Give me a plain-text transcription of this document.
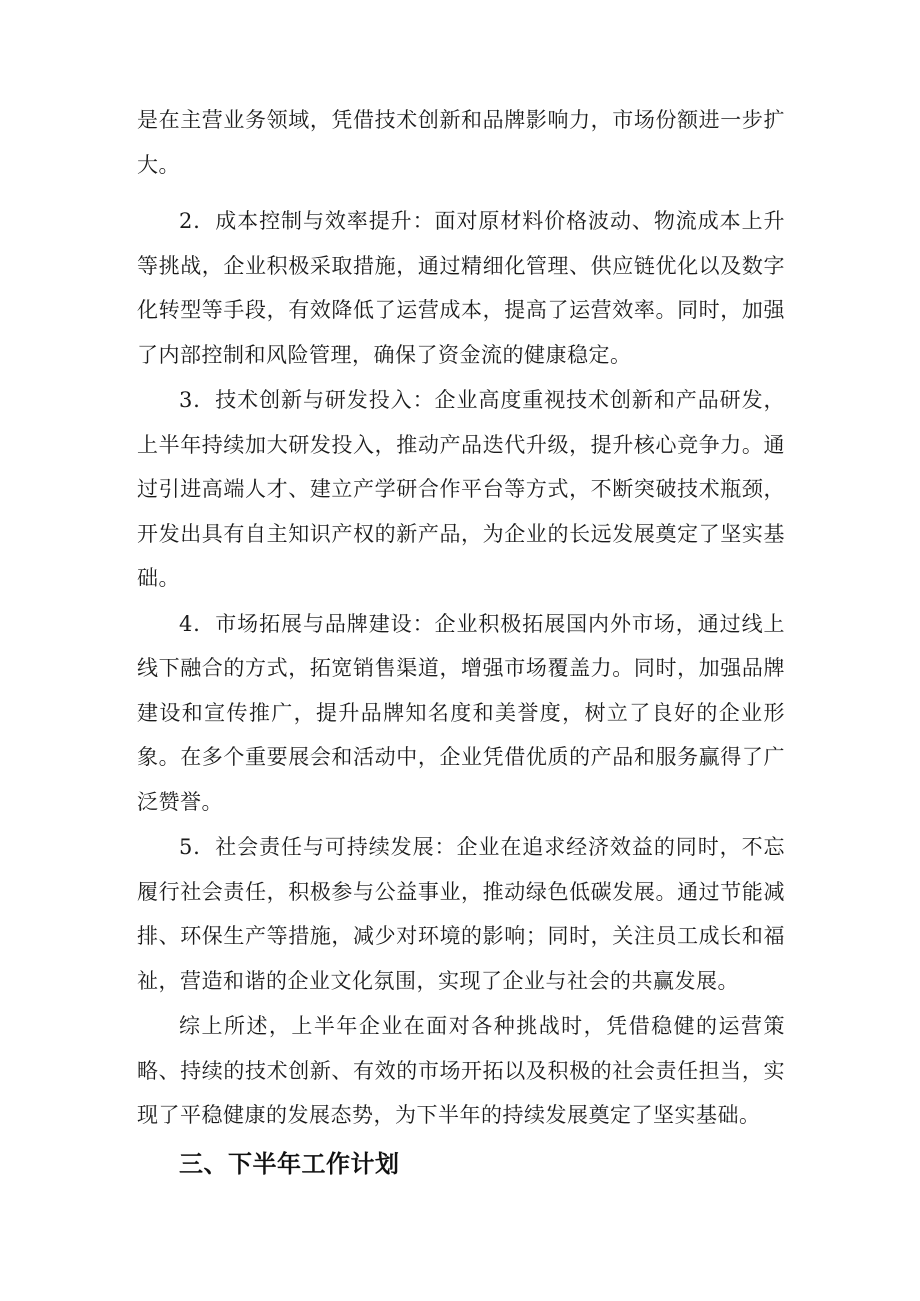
是在主营业务领域，凭借技术创新和品牌影响力，市场份额进一步扩大。

2．成本控制与效率提升：面对原材料价格波动、物流成本上升等挑战，企业积极采取措施，通过精细化管理、供应链优化以及数字化转型等手段，有效降低了运营成本，提高了运营效率。同时，加强了内部控制和风险管理，确保了资金流的健康稳定。

3．技术创新与研发投入：企业高度重视技术创新和产品研发，上半年持续加大研发投入，推动产品迭代升级，提升核心竞争力。通过引进高端人才、建立产学研合作平台等方式，不断突破技术瓶颈，开发出具有自主知识产权的新产品，为企业的长远发展奠定了坚实基础。

4．市场拓展与品牌建设：企业积极拓展国内外市场，通过线上线下融合的方式，拓宽销售渠道，增强市场覆盖力。同时，加强品牌建设和宣传推广，提升品牌知名度和美誉度，树立了良好的企业形象。在多个重要展会和活动中，企业凭借优质的产品和服务赢得了广泛赞誉。

5．社会责任与可持续发展：企业在追求经济效益的同时，不忘履行社会责任，积极参与公益事业，推动绿色低碳发展。通过节能减排、环保生产等措施，减少对环境的影响；同时，关注员工成长和福祉，营造和谐的企业文化氛围，实现了企业与社会的共赢发展。

综上所述，上半年企业在面对各种挑战时，凭借稳健的运营策略、持续的技术创新、有效的市场开拓以及积极的社会责任担当，实现了平稳健康的发展态势，为下半年的持续发展奠定了坚实基础。

三、下半年工作计划
